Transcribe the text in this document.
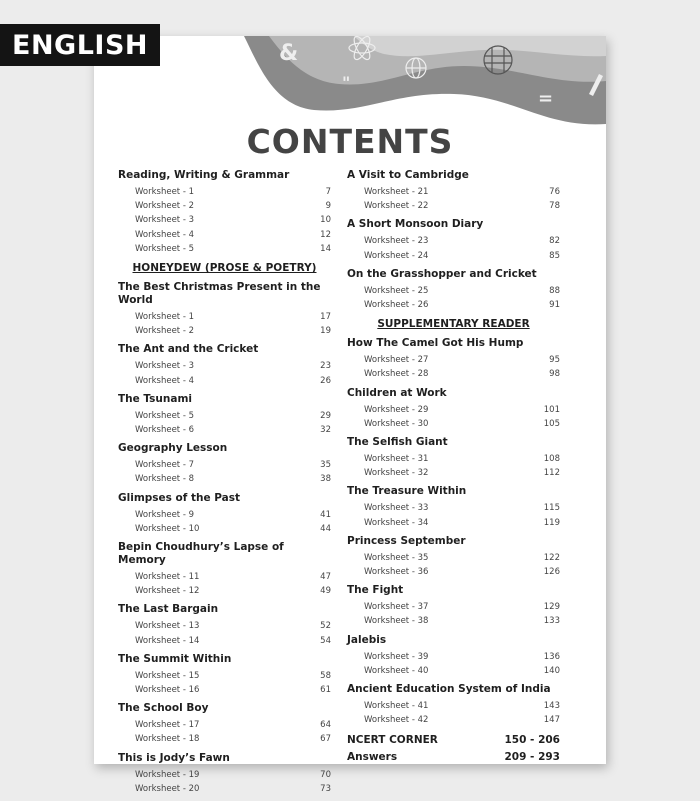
ENGLISH	&
"
=
CONTENTS
Reading, Writing & Grammar
Worksheet - 1	7
Worksheet - 2	9
Worksheet - 3	10
Worksheet - 4	12
Worksheet - 5	14
HONEYDEW (PROSE & POETRY)
The Best Christmas Present in the World
Worksheet - 1	17
Worksheet - 2	19
The Ant and the Cricket
Worksheet - 3	23
Worksheet - 4	26
The Tsunami
Worksheet - 5	29
Worksheet - 6	32
Geography Lesson
Worksheet - 7	35
Worksheet - 8	38
Glimpses of the Past
Worksheet - 9	41
Worksheet - 10	44
Bepin Choudhury’s Lapse of Memory
Worksheet - 11	47
Worksheet - 12	49
The Last Bargain
Worksheet - 13	52
Worksheet - 14	54
The Summit Within
Worksheet - 15	58
Worksheet - 16	61
The School Boy
Worksheet - 17	64
Worksheet - 18	67
This is Jody’s Fawn
Worksheet - 19	70
Worksheet - 20	73
A Visit to Cambridge
Worksheet - 21	76
Worksheet - 22	78
A Short Monsoon Diary
Worksheet - 23	82
Worksheet - 24	85
On the Grasshopper and Cricket
Worksheet - 25	88
Worksheet - 26	91
SUPPLEMENTARY READER
How The Camel Got His Hump
Worksheet - 27	95
Worksheet - 28	98
Children at Work
Worksheet - 29	101
Worksheet - 30	105
The Selfish Giant
Worksheet - 31	108
Worksheet - 32	112
The Treasure Within
Worksheet - 33	115
Worksheet - 34	119
Princess September
Worksheet - 35	122
Worksheet - 36	126
The Fight
Worksheet - 37	129
Worksheet - 38	133
Jalebis
Worksheet - 39	136
Worksheet - 40	140
Ancient Education System of India
Worksheet - 41	143
Worksheet - 42	147
NCERT CORNER	150 - 206
Answers	209 - 293
